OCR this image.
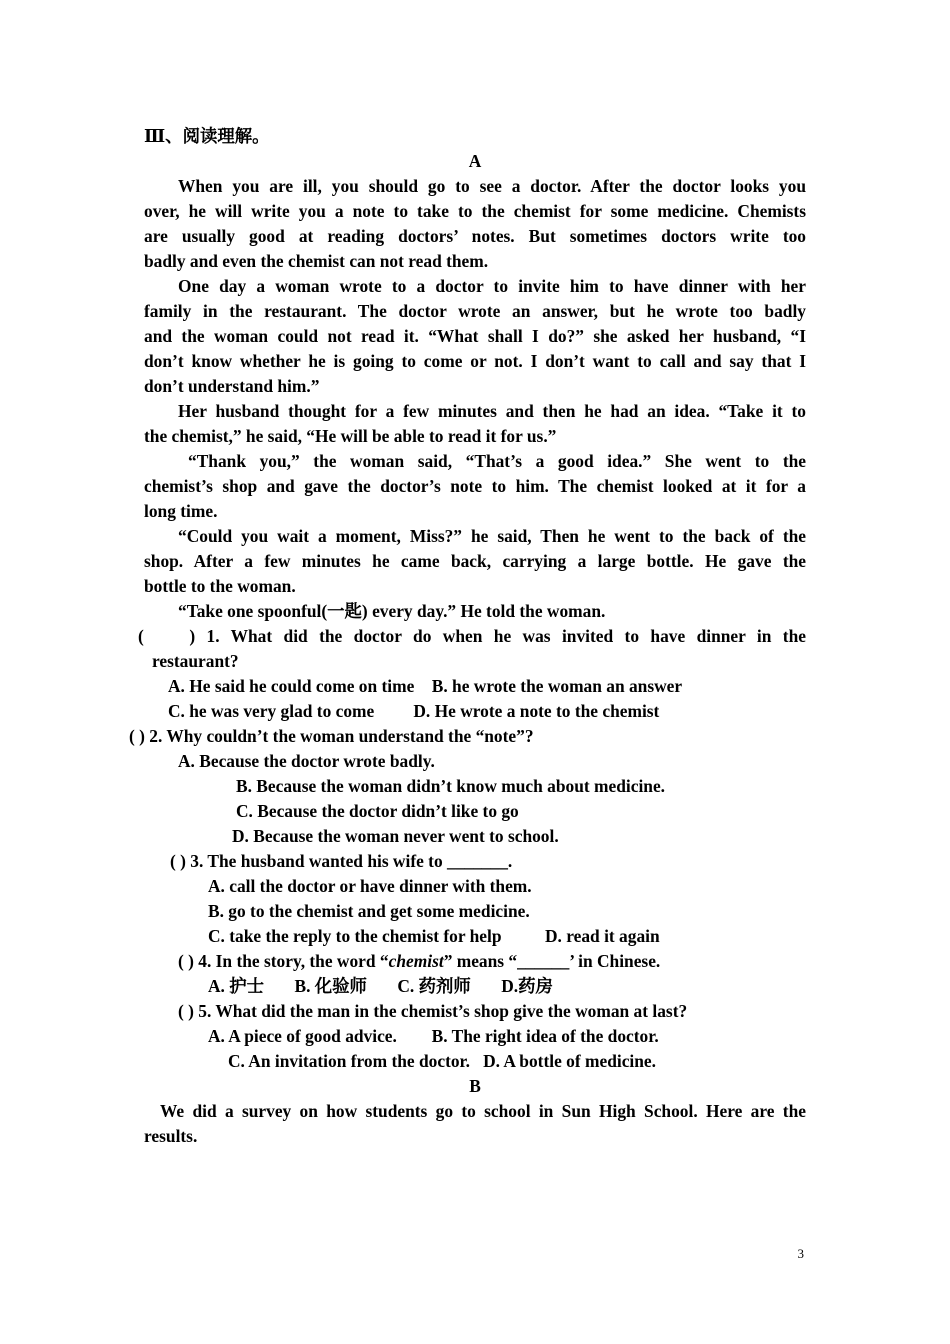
Ⅲ、阅读理解。
A
When you are ill, you should go to see a doctor. After the doctor looks you
over, he will write you a note to take to the chemist for some medicine. Chemists
are usually good at reading doctors’ notes. But sometimes doctors write too
badly and even the chemist can not read them.
One day a woman wrote to a doctor to invite him to have dinner with her
family in the restaurant. The doctor wrote an answer, but he wrote too badly
and the woman could not read it. “What shall I do?” she asked her husband, “I
don’t know whether he is going to come or not. I don’t want to call and say that I
don’t understand him.”
Her husband thought for a few minutes and then he had an idea. “Take it to
the chemist,” he said, “He will be able to read it for us.”
“Thank you,” the woman said, “That’s a good idea.” She went to the
chemist’s shop and gave the doctor’s note to him. The chemist looked at it for a
long time.
“Could you wait a moment, Miss?” he said, Then he went to the back of the
shop. After a few minutes he came back, carrying a large bottle. He gave the
bottle to the woman.
“Take one spoonful(一匙) every day.” He told the woman.
(    ) 1. What did the doctor do when he was invited to have dinner in the
restaurant?
A. He said he could come on time    B. he wrote the woman an answer
C. he was very glad to come         D. He wrote a note to the chemist
( ) 2. Why couldn’t the woman understand the “note”?
A. Because the doctor wrote badly.
B. Because the woman didn’t know much about medicine.
C. Because the doctor didn’t like to go
D. Because the woman never went to school.
( ) 3. The husband wanted his wife to _______.
A. call the doctor or have dinner with them.
B. go to the chemist and get some medicine.
C. take the reply to the chemist for help          D. read it again
( ) 4. In the story, the word “chemist” means “______’ in Chinese.
A. 护士       B. 化验师       C. 药剂师       D.药房
( ) 5. What did the man in the chemist’s shop give the woman at last?
A. A piece of good advice.        B. The right idea of the doctor.
C. An invitation from the doctor.   D. A bottle of medicine.
B
We did a survey on how students go to school in Sun High School. Here are the
results.
3
